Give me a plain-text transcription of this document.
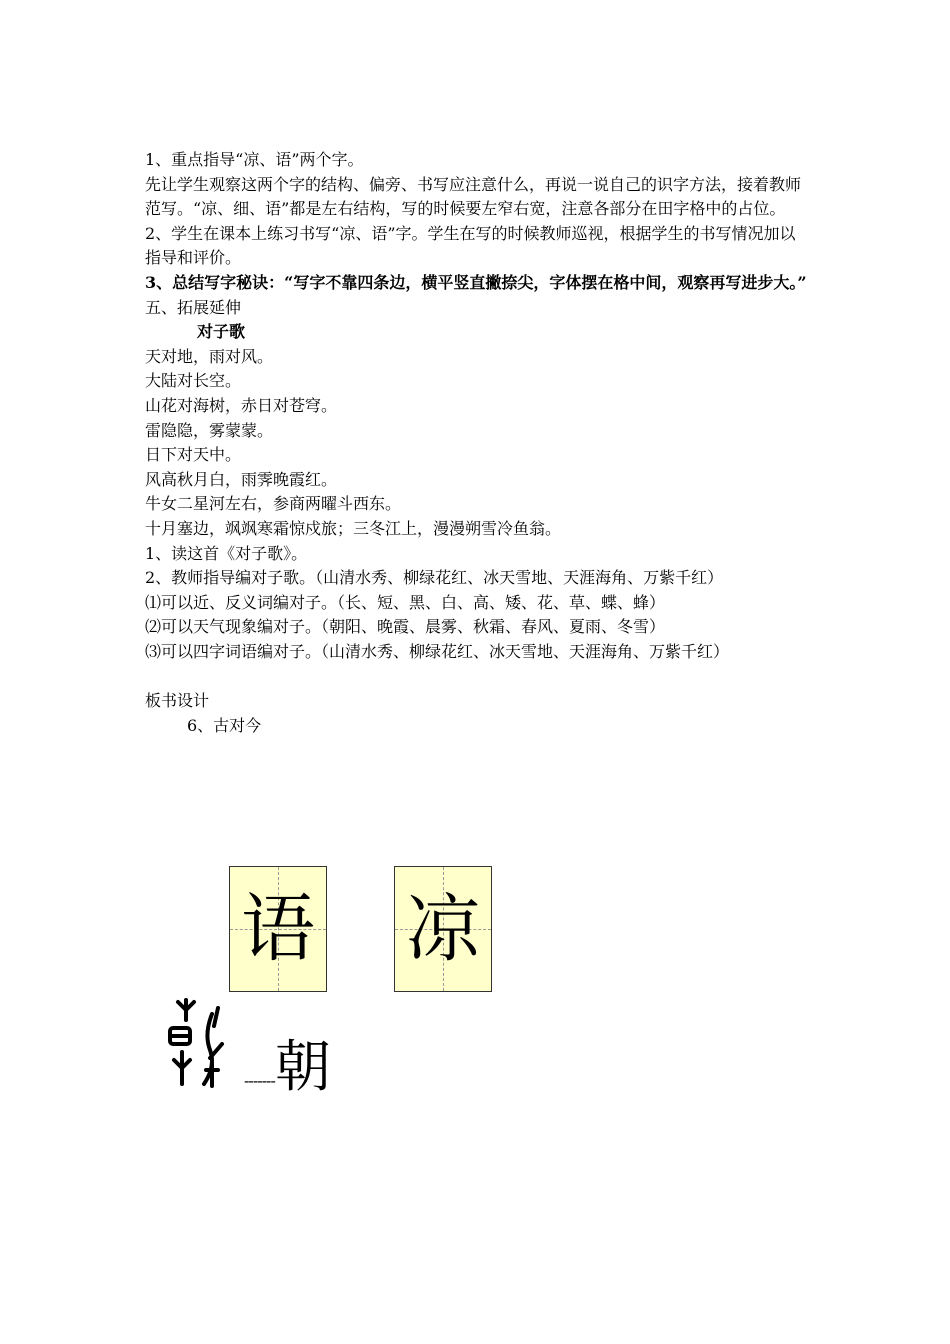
1、重点指导“凉、语”两个字。

先让学生观察这两个字的结构、偏旁、书写应注意什么，再说一说自己的识字方法，接着教师范写。“凉、细、语”都是左右结构，写的时候要左窄右宽，注意各部分在田字格中的占位。

2、学生在课本上练习书写“凉、语”字。学生在写的时候教师巡视，根据学生的书写情况加以指导和评价。

3、总结写字秘诀：“写字不靠四条边，横平竖直撇捺尖，字体摆在格中间，观察再写进步大。”

五、拓展延伸

对子歌

天对地，雨对风。

大陆对长空。

山花对海树，赤日对苍穹。

雷隐隐，雾蒙蒙。

日下对天中。

风高秋月白，雨霁晚霞红。

牛女二星河左右，参商两曜斗西东。

十月塞边，飒飒寒霜惊戍旅；三冬江上，漫漫朔雪冷鱼翁。

1、读这首《对子歌》。

2、教师指导编对子歌。（山清水秀、柳绿花红、冰天雪地、天涯海角、万紫千红）

⑴可以近、反义词编对子。（长、短、黑、白、高、矮、花、草、蝶、蜂）

⑵可以天气现象编对子。（朝阳、晚霞、晨雾、秋霜、春风、夏雨、冬雪）

⑶可以四字词语编对子。（山清水秀、柳绿花红、冰天雪地、天涯海角、万紫千红）

板书设计

6、古对今

语 凉
------- 朝
